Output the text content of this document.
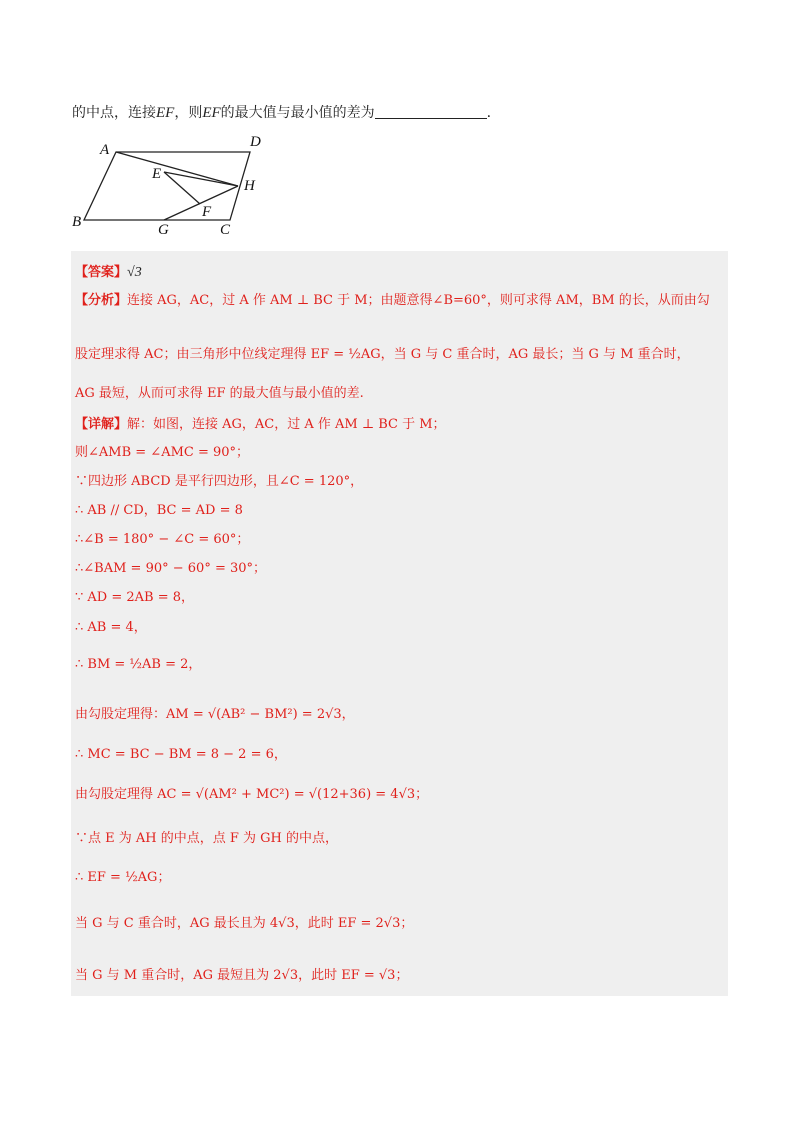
的中点，连接EF，则EF的最大值与最小值的差为	.
A	D
E
H
F
B	G	C
【答案】√3
【分析】连接 AG，AC，过 A 作 AM ⊥ BC 于 M；由题意得∠B=60°，则可求得 AM，BM 的长，从而由勾
股定理求得 AC；由三角形中位线定理得 EF = ½AG，当 G 与 C 重合时，AG 最长；当 G 与 M 重合时，
AG 最短，从而可求得 EF 的最大值与最小值的差.
【详解】解：如图，连接 AG，AC，过 A 作 AM ⊥ BC 于 M；
则∠AMB = ∠AMC = 90°；
∵四边形 ABCD 是平行四边形，且∠C = 120°，
∴ AB // CD，BC = AD = 8
∴∠B = 180° − ∠C = 60°；
∴∠BAM = 90° − 60° = 30°；
∵ AD = 2AB = 8，
∴ AB = 4，
∴ BM = ½AB = 2，
由勾股定理得：AM = √(AB² − BM²) = 2√3，
∴ MC = BC − BM = 8 − 2 = 6，
由勾股定理得 AC = √(AM² + MC²) = √(12+36) = 4√3；
∵点 E 为 AH 的中点，点 F 为 GH 的中点，
∴ EF = ½AG；
当 G 与 C 重合时，AG 最长且为 4√3，此时 EF = 2√3；
当 G 与 M 重合时，AG 最短且为 2√3，此时 EF = √3；
